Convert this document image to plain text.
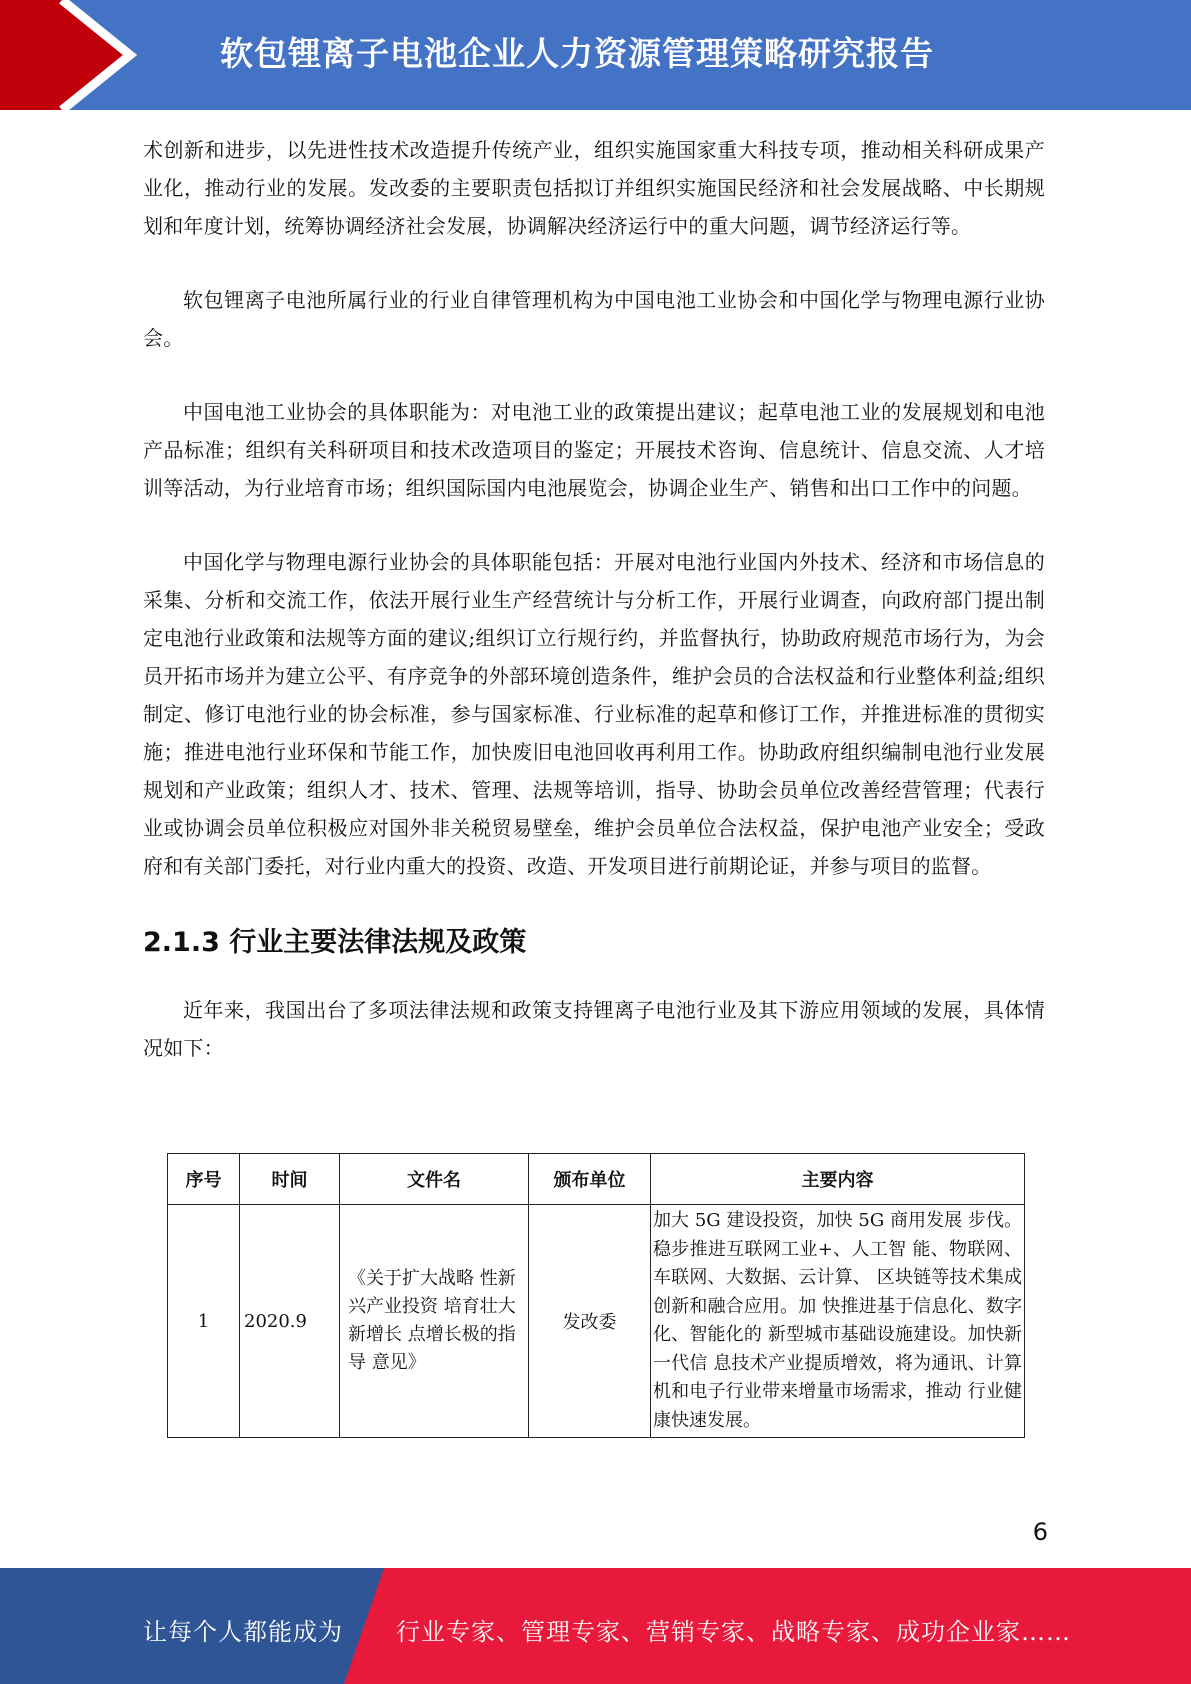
软包锂离子电池企业人力资源管理策略研究报告

术创新和进步，以先进性技术改造提升传统产业，组织实施国家重大科技专项，推动相关科研成果产业化，推动行业的发展。发改委的主要职责包括拟订并组织实施国民经济和社会发展战略、中长期规划和年度计划，统筹协调经济社会发展，协调解决经济运行中的重大问题，调节经济运行等。

软包锂离子电池所属行业的行业自律管理机构为中国电池工业协会和中国化学与物理电源行业协会。

中国电池工业协会的具体职能为：对电池工业的政策提出建议；起草电池工业的发展规划和电池产品标准；组织有关科研项目和技术改造项目的鉴定；开展技术咨询、信息统计、信息交流、人才培训等活动，为行业培育市场；组织国际国内电池展览会，协调企业生产、销售和出口工作中的问题。

中国化学与物理电源行业协会的具体职能包括：开展对电池行业国内外技术、经济和市场信息的采集、分析和交流工作，依法开展行业生产经营统计与分析工作，开展行业调查，向政府部门提出制定电池行业政策和法规等方面的建议;组织订立行规行约，并监督执行，协助政府规范市场行为，为会员开拓市场并为建立公平、有序竞争的外部环境创造条件，维护会员的合法权益和行业整体利益;组织制定、修订电池行业的协会标准，参与国家标准、行业标准的起草和修订工作，并推进标准的贯彻实施；推进电池行业环保和节能工作，加快废旧电池回收再利用工作。协助政府组织编制电池行业发展规划和产业政策；组织人才、技术、管理、法规等培训，指导、协助会员单位改善经营管理；代表行业或协调会员单位积极应对国外非关税贸易壁垒，维护会员单位合法权益，保护电池产业安全；受政府和有关部门委托，对行业内重大的投资、改造、开发项目进行前期论证，并参与项目的监督。

2.1.3 行业主要法律法规及政策

近年来，我国出台了多项法律法规和政策支持锂离子电池行业及其下游应用领域的发展，具体情况如下：

序号	时间	文件名	颁布单位	主要内容
1	2020.9	《关于扩大战略 性新兴产业投资 培育壮大新增长 点增长极的指导 意见》	发改委	加大 5G 建设投资，加快 5G 商用发展 步伐。稳步推进互联网工业+、人工智 能、物联网、车联网、大数据、云计算、 区块链等技术集成创新和融合应用。加 快推进基于信息化、数字化、智能化的 新型城市基础设施建设。加快新一代信 息技术产业提质增效，将为通讯、计算机和电子行业带来增量市场需求，推动 行业健康快速发展。
6
让每个人都能成为 行业专家、管理专家、营销专家、战略专家、成功企业家……
